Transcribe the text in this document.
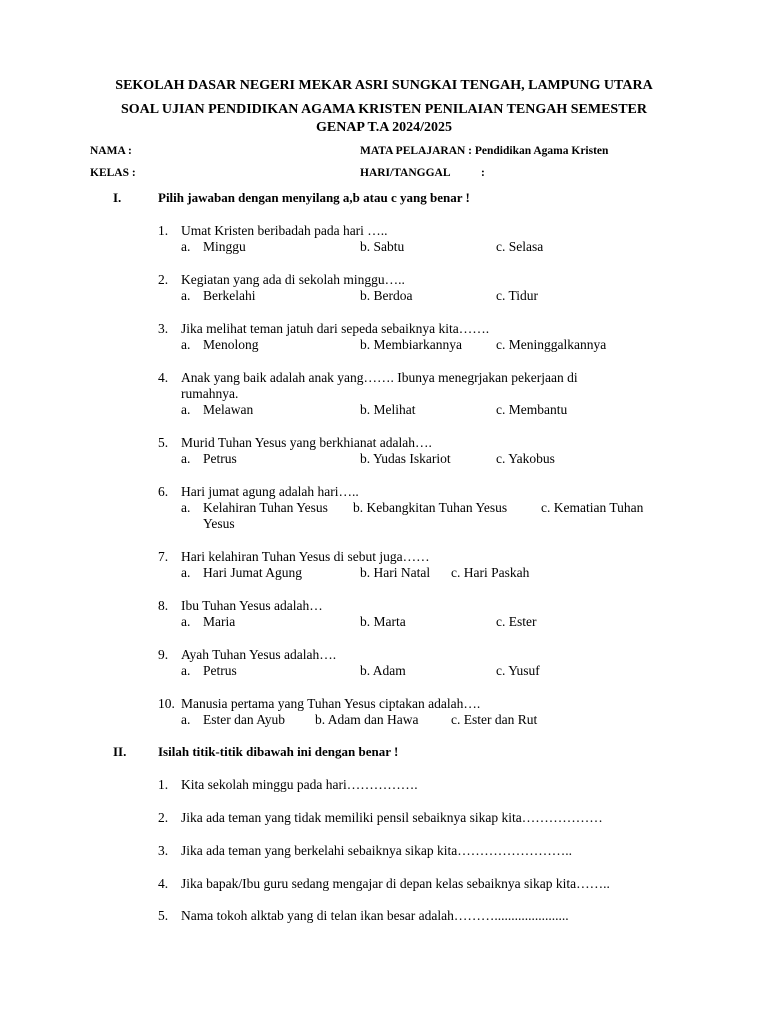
SEKOLAH DASAR NEGERI MEKAR ASRI SUNGKAI TENGAH, LAMPUNG UTARA
SOAL UJIAN PENDIDIKAN AGAMA KRISTEN PENILAIAN TENGAH SEMESTER
GENAP T.A 2024/2025
NAMA :	MATA PELAJARAN : Pendidikan Agama Kristen
KELAS :	HARI/TANGGAL	:
I.	Pilih jawaban dengan menyilang a,b atau c yang benar !
1. Umat Kristen beribadah pada hari …..
a. Minggu	b. Sabtu	c. Selasa
2. Kegiatan yang ada di sekolah minggu…..
a. Berkelahi	b. Berdoa	c. Tidur
3. Jika melihat teman jatuh dari sepeda sebaiknya kita…….
a. Menolong	b. Membiarkannya	c. Meninggalkannya
4. Anak yang baik adalah anak yang……. Ibunya menegrjakan pekerjaan di
rumahnya.
a. Melawan	b. Melihat	c. Membantu
5. Murid Tuhan Yesus yang berkhianat adalah….
a. Petrus	b. Yudas Iskariot	c. Yakobus
6. Hari jumat agung adalah hari…..
a. Kelahiran Tuhan Yesus b. Kebangkitan Tuhan Yesus	c. Kematian Tuhan
Yesus
7. Hari kelahiran Tuhan Yesus di sebut juga……
a. Hari Jumat Agung	b. Hari Natal c. Hari Paskah
8. Ibu Tuhan Yesus adalah…
a. Maria	b. Marta	c. Ester
9. Ayah Tuhan Yesus adalah….
a. Petrus	b. Adam	c. Yusuf
10. Manusia pertama yang Tuhan Yesus ciptakan adalah….
a. Ester dan Ayub b. Adam dan Hawa c. Ester dan Rut
II. Isilah titik-titik dibawah ini dengan benar !
1. Kita sekolah minggu pada hari…………….
2. Jika ada teman yang tidak memiliki pensil sebaiknya sikap kita………………
3. Jika ada teman yang berkelahi sebaiknya sikap kita……………………..
4. Jika bapak/Ibu guru sedang mengajar di depan kelas sebaiknya sikap kita……..
5. Nama tokoh alktab yang di telan ikan besar adalah………......................
